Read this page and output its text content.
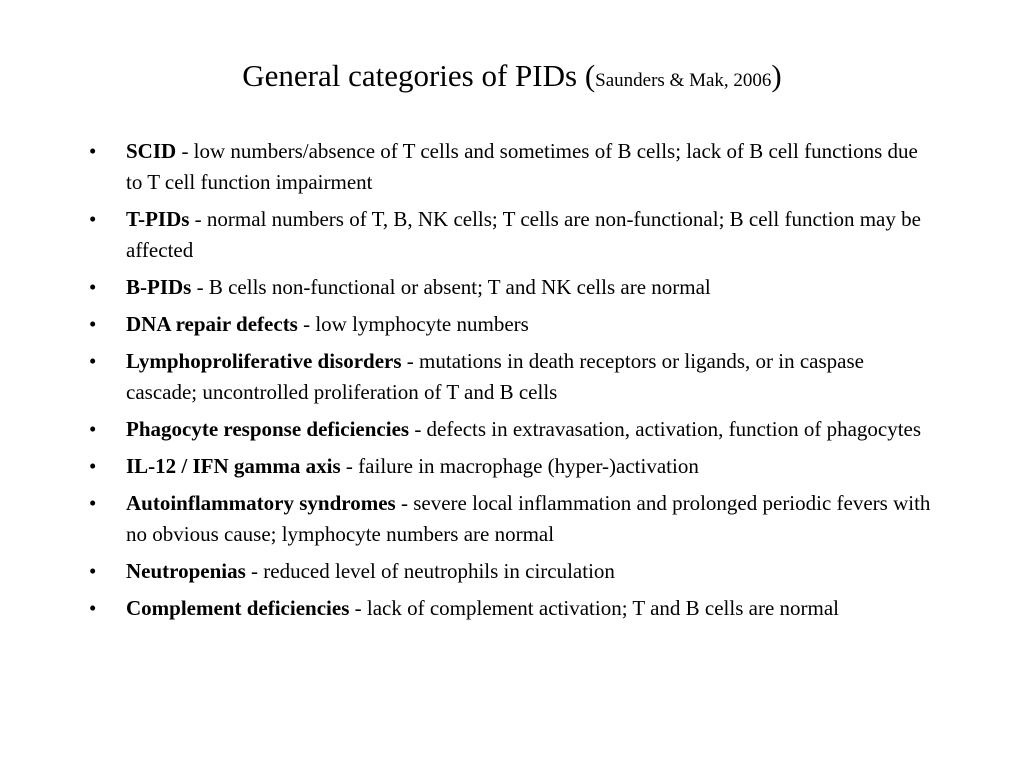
General categories of PIDs (Saunders & Mak, 2006)
• SCID - low numbers/absence of T cells and sometimes of B cells; lack of B cell functions due to T cell function impairment
• T-PIDs - normal numbers of T, B, NK cells; T cells are non-functional; B cell function may be affected
• B-PIDs - B cells non-functional or absent; T and NK cells are normal
• DNA repair defects - low lymphocyte numbers
• Lymphoproliferative disorders - mutations in death receptors or ligands, or in caspase cascade; uncontrolled proliferation of T and B cells
• Phagocyte response deficiencies - defects in extravasation, activation, function of phagocytes
• IL-12 / IFN gamma axis - failure in macrophage (hyper-)activation
• Autoinflammatory syndromes - severe local inflammation and prolonged periodic fevers with no obvious cause; lymphocyte numbers are normal
• Neutropenias - reduced level of neutrophils in circulation
• Complement deficiencies - lack of complement activation; T and B cells are normal
